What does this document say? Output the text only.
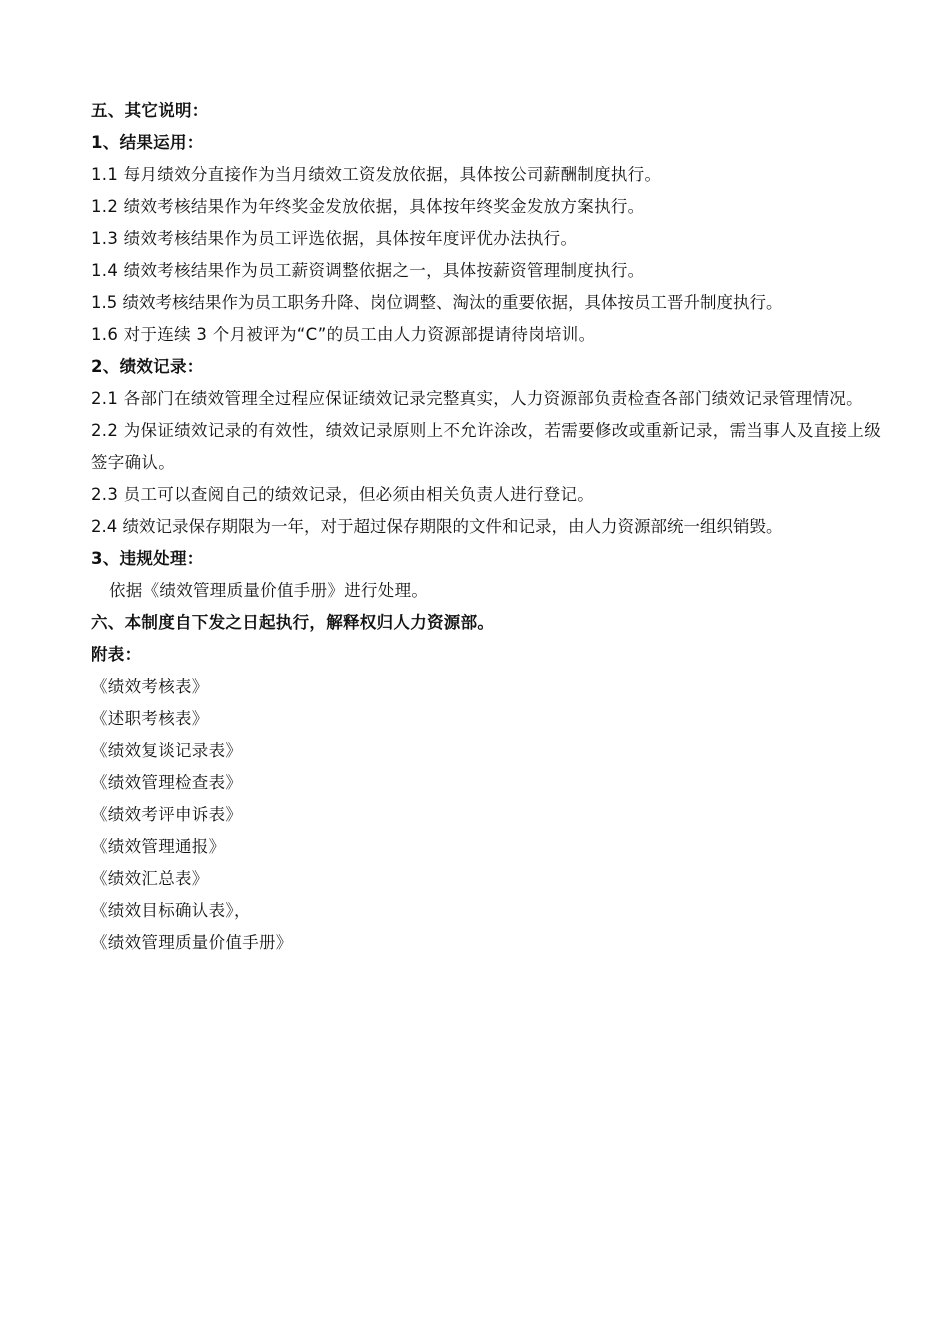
五、其它说明：
1、结果运用：
1.1 每月绩效分直接作为当月绩效工资发放依据，具体按公司薪酬制度执行。
1.2 绩效考核结果作为年终奖金发放依据，具体按年终奖金发放方案执行。
1.3 绩效考核结果作为员工评选依据，具体按年度评优办法执行。
1.4 绩效考核结果作为员工薪资调整依据之一，具体按薪资管理制度执行。
1.5 绩效考核结果作为员工职务升降、岗位调整、淘汰的重要依据，具体按员工晋升制度执行。
1.6 对于连续 3 个月被评为“C”的员工由人力资源部提请待岗培训。
2、绩效记录：
2.1 各部门在绩效管理全过程应保证绩效记录完整真实，人力资源部负责检查各部门绩效记录管理情况。
2.2 为保证绩效记录的有效性，绩效记录原则上不允许涂改，若需要修改或重新记录，需当事人及直接上级签字确认。
2.3 员工可以查阅自己的绩效记录，但必须由相关负责人进行登记。
2.4 绩效记录保存期限为一年，对于超过保存期限的文件和记录，由人力资源部统一组织销毁。
3、违规处理：
依据《绩效管理质量价值手册》进行处理。
六、本制度自下发之日起执行，解释权归人力资源部。
附表：
《绩效考核表》
《述职考核表》
《绩效复谈记录表》
《绩效管理检查表》
《绩效考评申诉表》
《绩效管理通报》
《绩效汇总表》
《绩效目标确认表》，
《绩效管理质量价值手册》
